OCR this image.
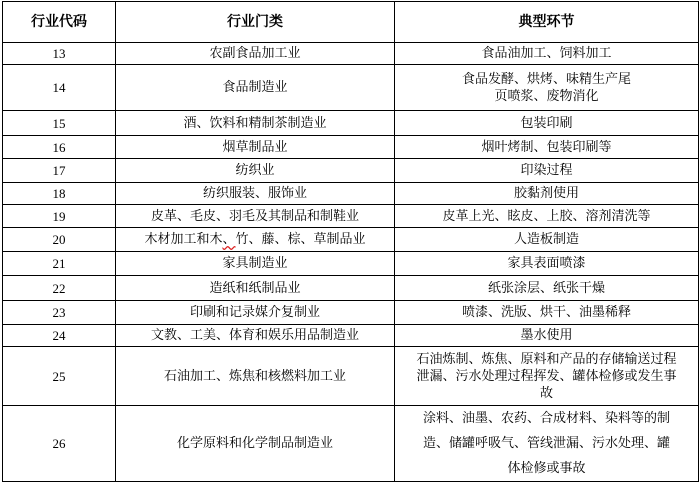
行业代码	行业门类	典型环节
13	农副食品加工业	食品油加工、饲料加工

14	食品制造业	食品发酵、烘烤、味精生产尾
页喷浆、废物消化

15	酒、饮料和精制茶制造业	包装印刷

16	烟草制品业	烟叶烤制、包装印刷等

17	纺织业	印染过程

18	纺织服装、服饰业	胶黏剂使用

19	皮革、毛皮、羽毛及其制品和制鞋业	皮革上光、眩皮、上胶、溶剂清洗等

20	木材加工和木、竹、藤、棕、草制品业	人造板制造

21	家具制造业	家具表面喷漆

22	造纸和纸制品业	纸张涂层、纸张干燥

23	印刷和记录媒介复制业	喷漆、洗版、烘干、油墨稀释

24	文教、工美、体育和娱乐用品制造业	墨水使用

25	石油加工、炼焦和核燃料加工业	石油炼制、炼焦、原料和产品的存储输送过程
泄漏、污水处理过程挥发、罐体检修或发生事
故

26	化学原料和化学制品制造业	涂料、油墨、农药、合成材料、染料等的制
造、储罐呼吸气、管线泄漏、污水处理、罐
体检修或事故
